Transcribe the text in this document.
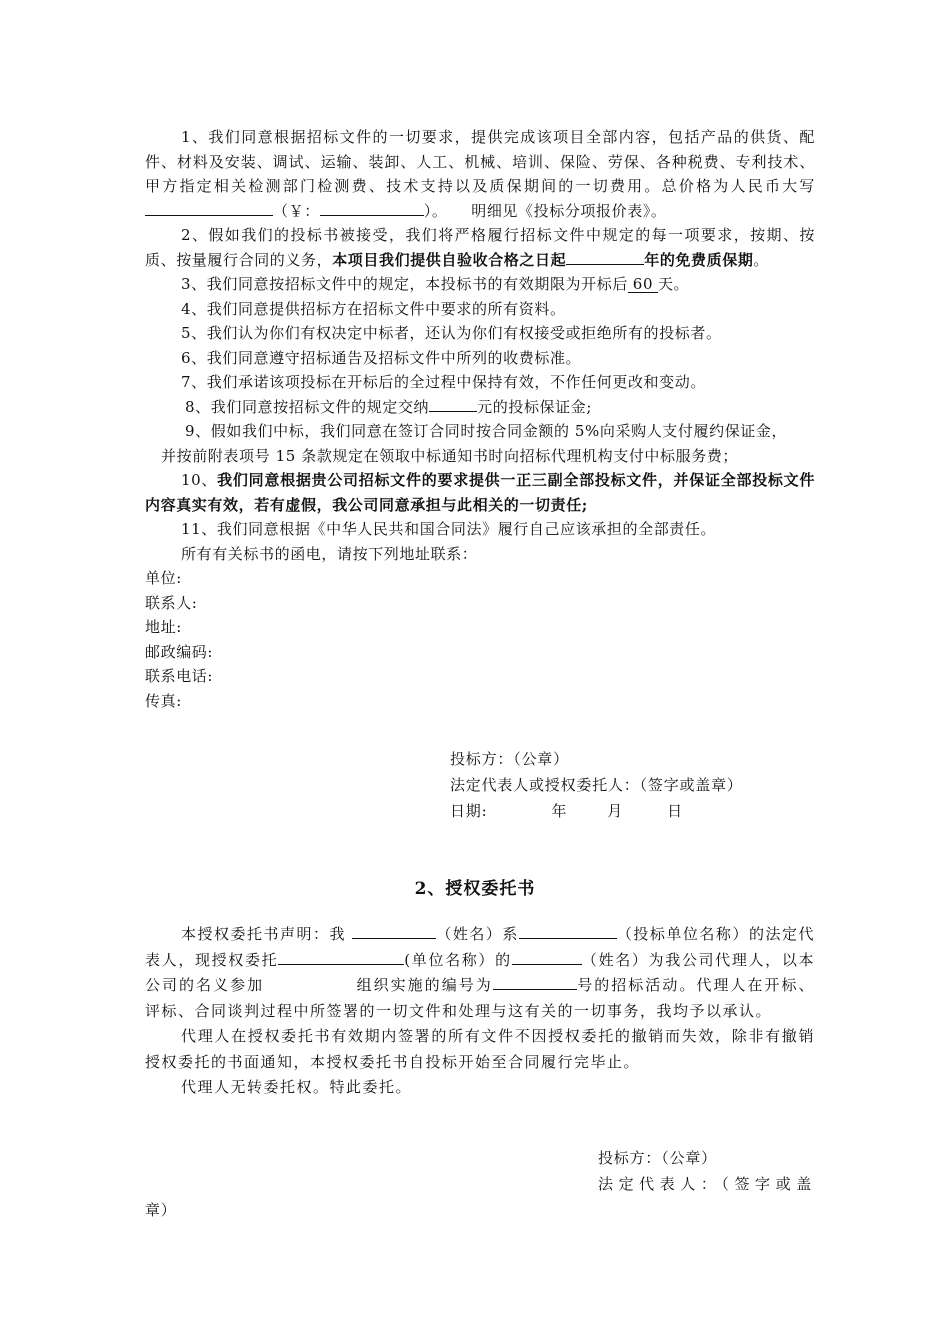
1、我们同意根据招标文件的一切要求，提供完成该项目全部内容，包括产品的供货、配件、材料及安装、调试、运输、装卸、人工、机械、培训、保险、劳保、各种税费、专利技术、甲方指定相关检测部门检测费、技术支持以及质保期间的一切费用。总价格为人民币大写（￥：	）。　　明细见《投标分项报价表》。

2、假如我们的投标书被接受，我们将严格履行招标文件中规定的每一项要求，按期、按质、按量履行合同的义务，本项目我们提供自验收合格之日起	年的免费质保期。

3、我们同意按招标文件中的规定，本投标书的有效期限为开标后 60 天。

4、我们同意提供招标方在招标文件中要求的所有资料。

5、我们认为你们有权决定中标者，还认为你们有权接受或拒绝所有的投标者。

6、我们同意遵守招标通告及招标文件中所列的收费标准。

7、我们承诺该项投标在开标后的全过程中保持有效，不作任何更改和变动。

8、我们同意按招标文件的规定交纳	元的投标保证金;

9、假如我们中标，我们同意在签订合同时按合同金额的 5%向采购人支付履约保证金，

并按前附表项号 15 条款规定在领取中标通知书时向招标代理机构支付中标服务费；

10、我们同意根据贵公司招标文件的要求提供一正三副全部投标文件，并保证全部投标文件内容真实有效，若有虚假，我公司同意承担与此相关的一切责任;

11、我们同意根据《中华人民共和国合同法》履行自己应该承担的全部责任。

所有有关标书的函电，请按下列地址联系：

单位:

联系人:

地址:

邮政编码:

联系电话:

传真:

投标方：（公章）
法定代表人或授权委托人：（签字或盖章）
日期:	年	月	日
2、授权委托书

本授权委托书声明：我	（姓名）系	（投标单位名称）的法定代表人，现授权委托	(单位名称）的	（姓名）为我公司代理人，以本公司的名义参加	组织实施的编号为	号的招标活动。代理人在开标、评标、合同谈判过程中所签署的一切文件和处理与这有关的一切事务，我均予以承认。

代理人在授权委托书有效期内签署的所有文件不因授权委托的撤销而失效，除非有撤销授权委托的书面通知，本授权委托书自投标开始至合同履行完毕止。

代理人无转委托权。特此委托。

投标方：（公章）
法定代表人：（签字或盖
章）
